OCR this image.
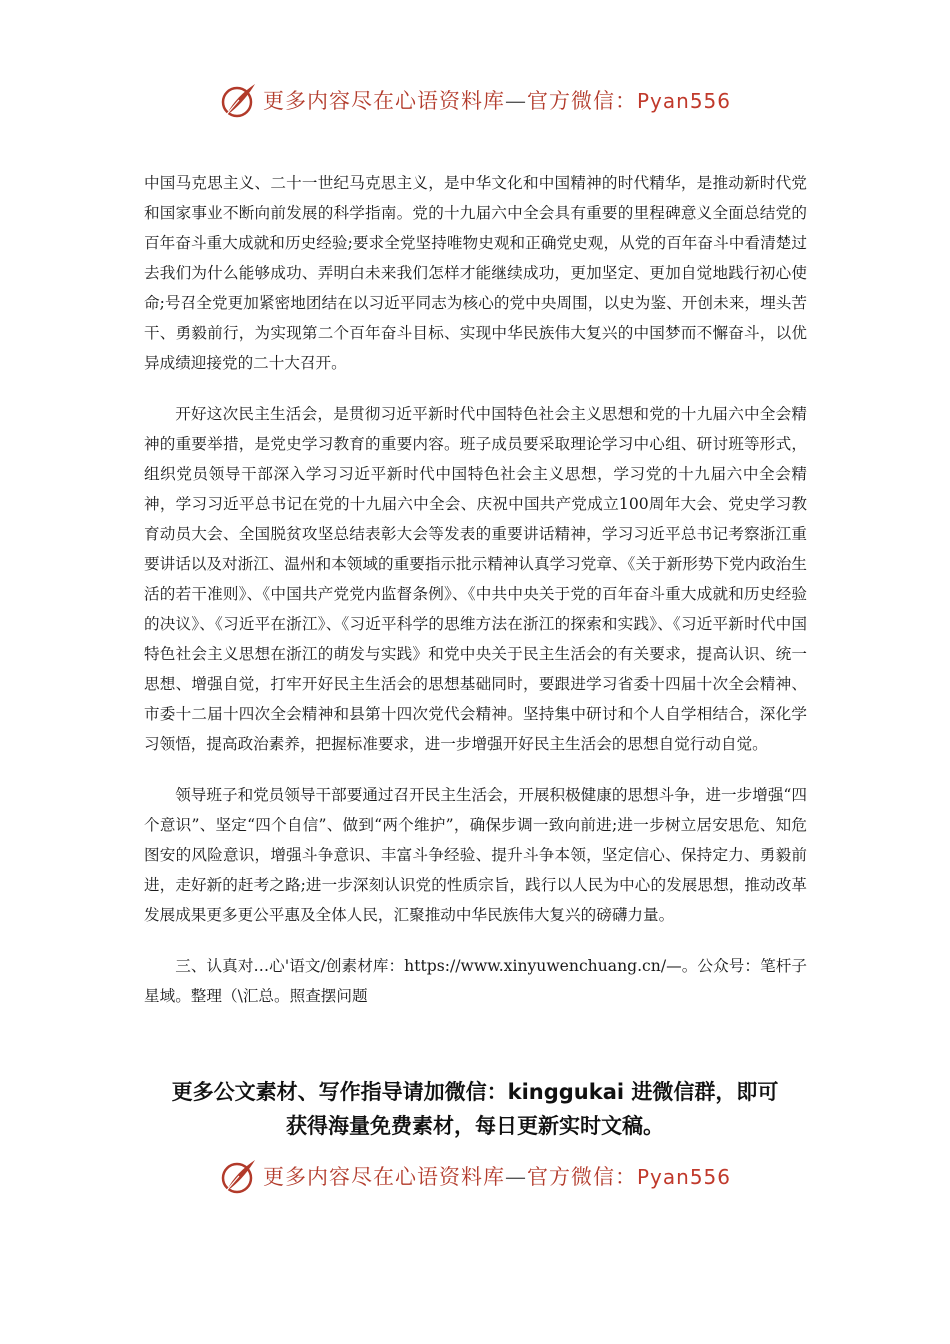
更多内容尽在心语资料库—官方微信：Pyan556

中国马克思主义、二十一世纪马克思主义，是中华文化和中国精神的时代精华，是推动新时代党和国家事业不断向前发展的科学指南。党的十九届六中全会具有重要的里程碑意义全面总结党的百年奋斗重大成就和历史经验;要求全党坚持唯物史观和正确党史观，从党的百年奋斗中看清楚过去我们为什么能够成功、弄明白未来我们怎样才能继续成功，更加坚定、更加自觉地践行初心使命;号召全党更加紧密地团结在以习近平同志为核心的党中央周围，以史为鉴、开创未来，埋头苦干、勇毅前行，为实现第二个百年奋斗目标、实现中华民族伟大复兴的中国梦而不懈奋斗，以优异成绩迎接党的二十大召开。

开好这次民主生活会，是贯彻习近平新时代中国特色社会主义思想和党的十九届六中全会精神的重要举措，是党史学习教育的重要内容。班子成员要采取理论学习中心组、研讨班等形式，组织党员领导干部深入学习习近平新时代中国特色社会主义思想，学习党的十九届六中全会精神，学习习近平总书记在党的十九届六中全会、庆祝中国共产党成立100周年大会、党史学习教育动员大会、全国脱贫攻坚总结表彰大会等发表的重要讲话精神，学习习近平总书记考察浙江重要讲话以及对浙江、温州和本领域的重要指示批示精神认真学习党章、《关于新形势下党内政治生活的若干准则》、《中国共产党党内监督条例》、《中共中央关于党的百年奋斗重大成就和历史经验的决议》、《习近平在浙江》、《习近平科学的思维方法在浙江的探索和实践》、《习近平新时代中国特色社会主义思想在浙江的萌发与实践》和党中央关于民主生活会的有关要求，提高认识、统一思想、增强自觉，打牢开好民主生活会的思想基础同时，要跟进学习省委十四届十次全会精神、市委十二届十四次全会精神和县第十四次党代会精神。坚持集中研讨和个人自学相结合，深化学习领悟，提高政治素养，把握标准要求，进一步增强开好民主生活会的思想自觉行动自觉。

领导班子和党员领导干部要通过召开民主生活会，开展积极健康的思想斗争，进一步增强“四个意识”、坚定“四个自信”、做到“两个维护”，确保步调一致向前进;进一步树立居安思危、知危图安的风险意识，增强斗争意识、丰富斗争经验、提升斗争本领，坚定信心、保持定力、勇毅前进，走好新的赶考之路;进一步深刻认识党的性质宗旨，践行以人民为中心的发展思想，推动改革发展成果更多更公平惠及全体人民，汇聚推动中华民族伟大复兴的磅礴力量。

三、认真对…心'语文/创素材库：https://www.xinyuwenchuang.cn/—。公众号：笔杆子星域。整理（\汇总。照查摆问题

更多公文素材、写作指导请加微信：kinggukai 进微信群，即可
获得海量免费素材，每日更新实时文稿。
更多内容尽在心语资料库—官方微信：Pyan556
